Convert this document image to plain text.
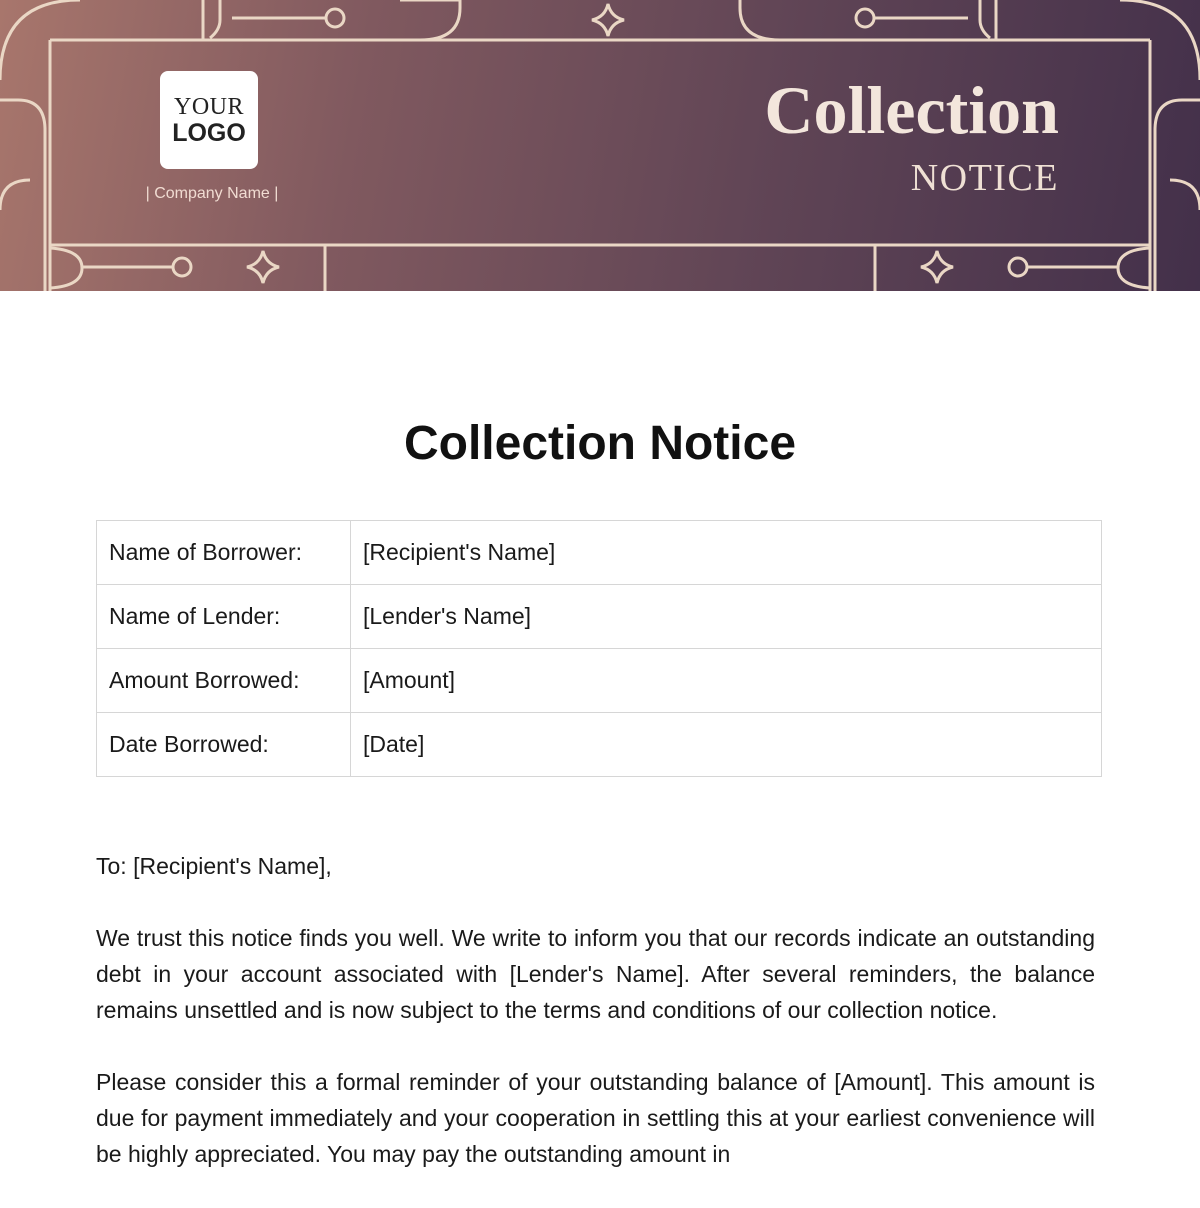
YOUR
LOGO
| Company Name |
Collection
NOTICE
Collection Notice
Name of Borrower:	[Recipient's Name]
Name of Lender:	[Lender's Name]
Amount Borrowed:	[Amount]
Date Borrowed:	[Date]

To: [Recipient's Name],

We trust this notice finds you well. We write to inform you that our records indicate an outstanding debt in your account associated with [Lender's Name]. After several reminders, the balance remains unsettled and is now subject to the terms and conditions of our collection notice.

Please consider this a formal reminder of your outstanding balance of [Amount]. This amount is due for payment immediately and your cooperation in settling this at your earliest convenience will be highly appreciated. You may pay the outstanding amount in
